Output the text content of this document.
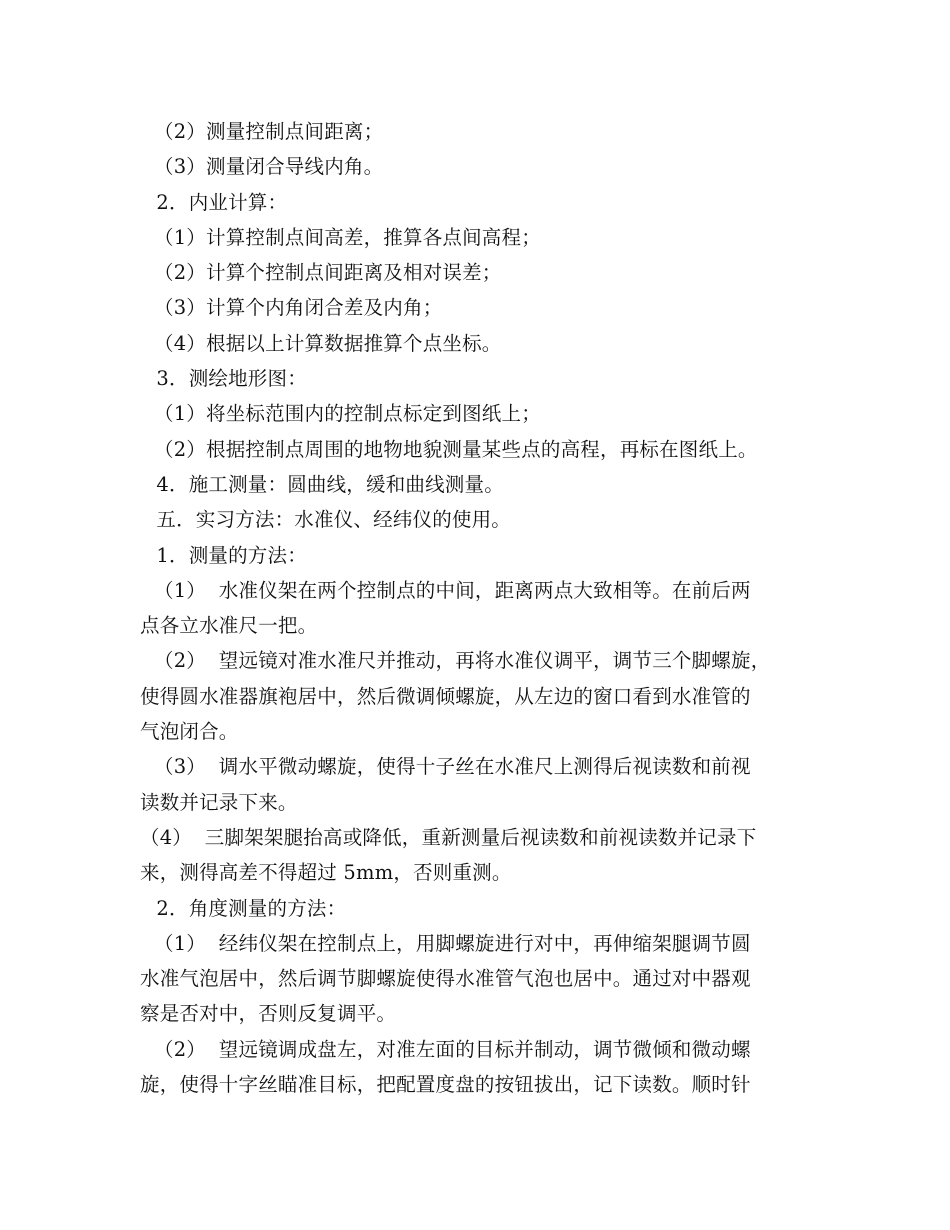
（2）测量控制点间距离；
（3）测量闭合导线内角。
2．内业计算：
（1）计算控制点间高差，推算各点间高程；
（2）计算个控制点间距离及相对误差；
（3）计算个内角闭合差及内角；
（4）根据以上计算数据推算个点坐标。
3．测绘地形图：
（1）将坐标范围内的控制点标定到图纸上；
（2）根据控制点周围的地物地貌测量某些点的高程，再标在图纸上。
4．施工测量：圆曲线，缓和曲线测量。
五．实习方法：水准仪、经纬仪的使用。
1．测量的方法：
（1）  水准仪架在两个控制点的中间，距离两点大致相等。在前后两
点各立水准尺一把。
（2）  望远镜对准水准尺并推动，再将水准仪调平，调节三个脚螺旋，
使得圆水准器旗袍居中，然后微调倾螺旋，从左边的窗口看到水准管的
气泡闭合。
（3）  调水平微动螺旋，使得十子丝在水准尺上测得后视读数和前视
读数并记录下来。
（4）  三脚架架腿抬高或降低，重新测量后视读数和前视读数并记录下
来，测得高差不得超过 5mm，否则重测。
2．角度测量的方法：
（1）  经纬仪架在控制点上，用脚螺旋进行对中，再伸缩架腿调节圆
水准气泡居中，然后调节脚螺旋使得水准管气泡也居中。通过对中器观
察是否对中，否则反复调平。
（2）  望远镜调成盘左，对准左面的目标并制动，调节微倾和微动螺
旋，使得十字丝瞄准目标，把配置度盘的按钮拔出，记下读数。顺时针
